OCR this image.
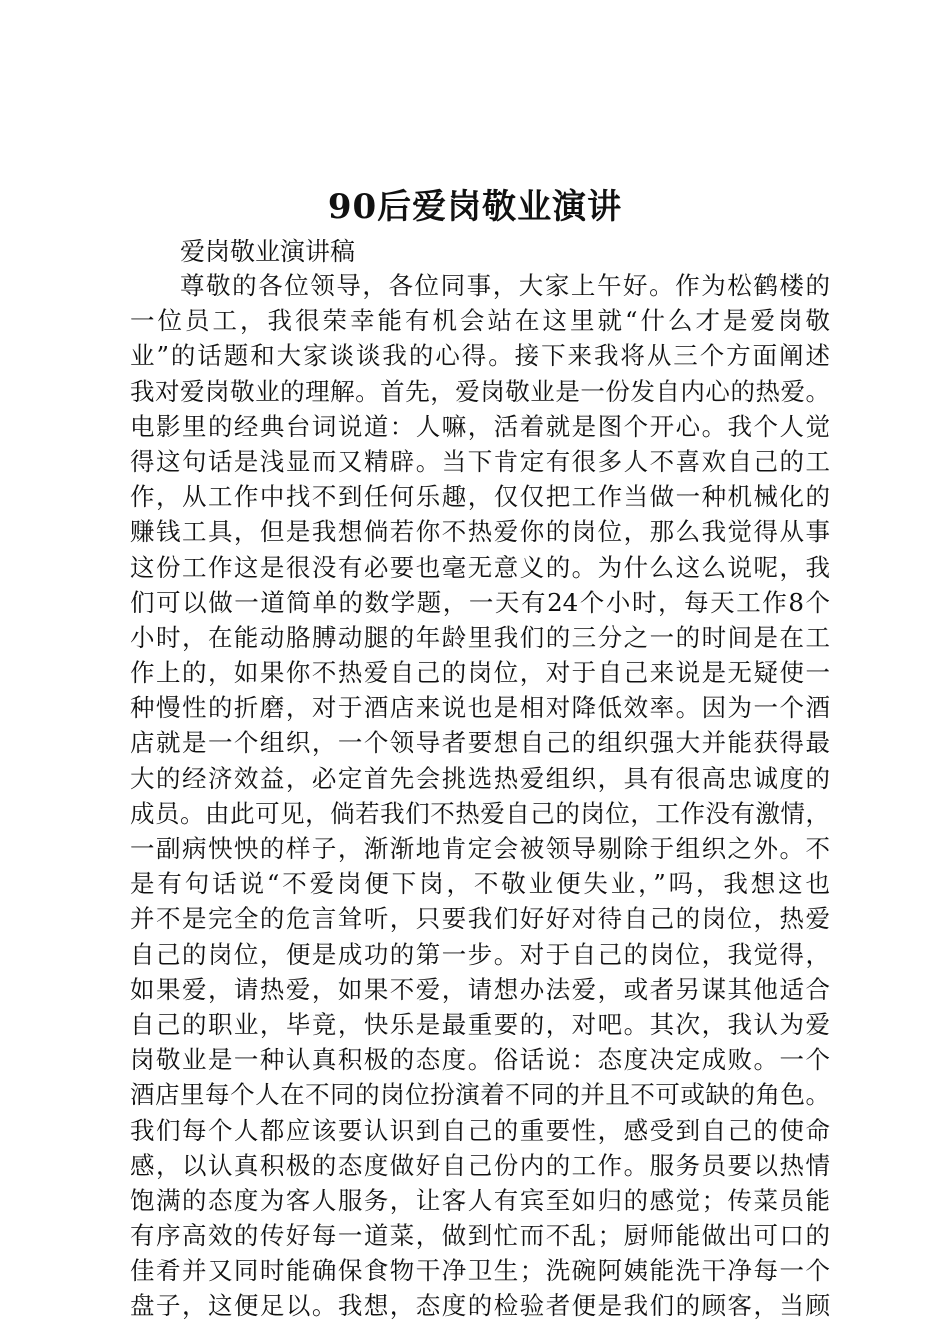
90后爱岗敬业演讲
爱岗敬业演讲稿
尊敬的各位领导，各位同事，大家上午好。作为松鹤楼的
一位员工，我很荣幸能有机会站在这里就“什么才是爱岗敬
业”的话题和大家谈谈我的心得。接下来我将从三个方面阐述
我对爱岗敬业的理解。首先，爱岗敬业是一份发自内心的热爱。
电影里的经典台词说道：人嘛，活着就是图个开心。我个人觉
得这句话是浅显而又精辟。当下肯定有很多人不喜欢自己的工
作，从工作中找不到任何乐趣，仅仅把工作当做一种机械化的
赚钱工具，但是我想倘若你不热爱你的岗位，那么我觉得从事
这份工作这是很没有必要也毫无意义的。为什么这么说呢，我
们可以做一道简单的数学题，一天有24个小时，每天工作8个
小时，在能动胳膊动腿的年龄里我们的三分之一的时间是在工
作上的，如果你不热爱自己的岗位，对于自己来说是无疑使一
种慢性的折磨，对于酒店来说也是相对降低效率。因为一个酒
店就是一个组织，一个领导者要想自己的组织强大并能获得最
大的经济效益，必定首先会挑选热爱组织，具有很高忠诚度的
成员。由此可见，倘若我们不热爱自己的岗位，工作没有激情，
一副病怏怏的样子，渐渐地肯定会被领导剔除于组织之外。不
是有句话说“不爱岗便下岗，不敬业便失业，”吗，我想这也
并不是完全的危言耸听，只要我们好好对待自己的岗位，热爱
自己的岗位，便是成功的第一步。对于自己的岗位，我觉得，
如果爱，请热爱，如果不爱，请想办法爱，或者另谋其他适合
自己的职业，毕竟，快乐是最重要的，对吧。其次，我认为爱
岗敬业是一种认真积极的态度。俗话说：态度决定成败。一个
酒店里每个人在不同的岗位扮演着不同的并且不可或缺的角色。
我们每个人都应该要认识到自己的重要性，感受到自己的使命
感，以认真积极的态度做好自己份内的工作。服务员要以热情
饱满的态度为客人服务，让客人有宾至如归的感觉；传菜员能
有序高效的传好每一道菜，做到忙而不乱；厨师能做出可口的
佳肴并又同时能确保食物干净卫生；洗碗阿姨能洗干净每一个
盘子，这便足以。我想，态度的检验者便是我们的顾客，当顾
